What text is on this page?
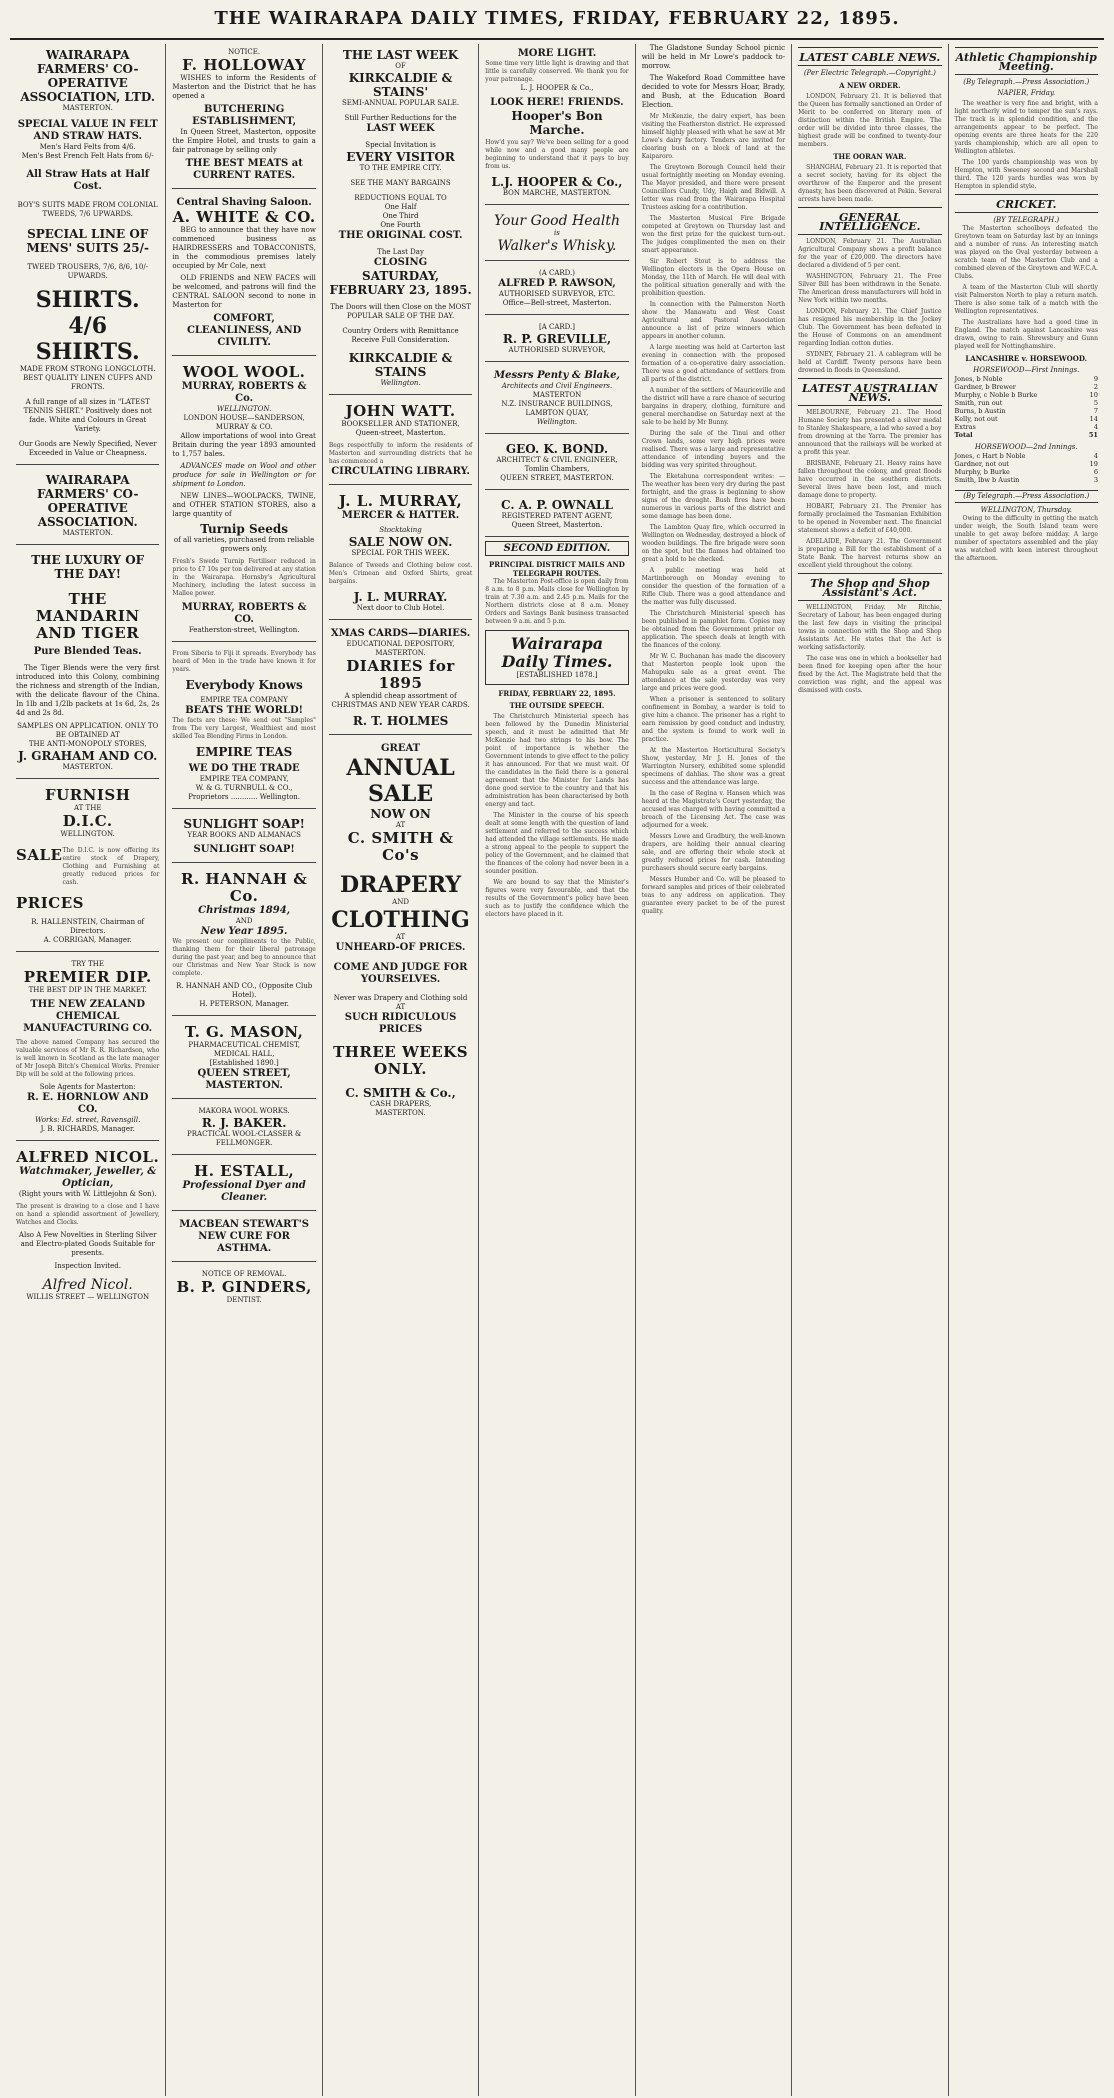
THE WAIRARAPA DAILY TIMES, FRIDAY, FEBRUARY 22, 1895.
WAIRARAPA FARMERS' CO-OPERATIVE ASSOCIATION, LTD.
MASTERTON.
SPECIAL VALUE IN FELT AND STRAW HATS.
Men's Hard Felts from 4/6.
Men's Best French Felt Hats from 6/-
All Straw Hats at Half Cost.
BOY'S SUITS MADE FROM COLONIAL TWEEDS, 7/6 UPWARDS.
SPECIAL LINE OF MENS' SUITS 25/-
TWEED TROUSERS, 7/6, 8/6, 10/- UPWARDS.
SHIRTS. 4/6 SHIRTS.
MADE FROM STRONG LONGCLOTH. BEST QUALITY LINEN CUFFS AND FRONTS.
A full range of all sizes in "LATEST TENNIS SHIRT." Positively does not fade. White and Colours in Great Variety.
Our Goods are Newly Specified, Never Exceeded in Value or Cheapness.
WAIRARAPA FARMERS' CO-OPERATIVE ASSOCIATION.
MASTERTON.
THE LUXURY OF THE DAY!
THE MANDARIN AND TIGER
Pure Blended Teas.

The Tiger Blends were the very first introduced into this Colony, combining the richness and strength of the Indian, with the delicate flavour of the China. In 1lb and 1/2lb packets at 1s 6d, 2s, 2s 4d and 2s 8d.

SAMPLES ON APPLICATION. ONLY TO BE OBTAINED AT
THE ANTI-MONOPOLY STORES,
J. GRAHAM AND CO.
MASTERTON.
FURNISH
AT THE
D.I.C.
WELLINGTON.
SALE The D.I.C. is now offering its entire stock of Drapery, Clothing and Furnishing at greatly reduced prices for cash.
PRICES
R. HALLENSTEIN, Chairman of Directors.
A. CORRIGAN, Manager.
TRY THE
PREMIER DIP.
THE BEST DIP IN THE MARKET.
THE NEW ZEALAND CHEMICAL MANUFACTURING CO.
The above named Company has secured the valuable services of Mr R. R. Richardson, who is well known in Scotland as the late manager of Mr Joseph Bitch's Chemical Works. Premier Dip will be sold at the following prices.
Sole Agents for Masterton:
R. E. HORNLOW AND CO.
Works: Ed. street, Ravensgill.
J. B. RICHARDS, Manager.
ALFRED NICOL.
Watchmaker, Jeweller, & Optician,
(Right yours with W. Littlejohn & Son).
The present is drawing to a close and I have on hand a splendid assortment of Jewellery, Watches and Clocks.
Also A Few Novelties in Sterling Silver and Electro-plated Goods Suitable for presents.
Inspection Invited.
Alfred Nicol.
WILLIS STREET — WELLINGTON
NOTICE.
F. HOLLOWAY

WISHES to inform the Residents of Masterton and the District that he has opened a

BUTCHERING ESTABLISHMENT,

In Queen Street, Masterton, opposite the Empire Hotel, and trusts to gain a fair patronage by selling only

THE BEST MEATS at CURRENT RATES.
Central Shaving Saloon.
A. WHITE & CO.

BEG to announce that they have now commenced business as HAIRDRESSERS and TOBACCONISTS, in the commodious premises lately occupied by Mr Cole, next

OLD FRIENDS and NEW FACES will be welcomed, and patrons will find the CENTRAL SALOON second to none in Masterton for

COMFORT, CLEANLINESS, AND CIVILITY.
WOOL WOOL.
MURRAY, ROBERTS & Co.
WELLINGTON.
LONDON HOUSE—SANDERSON, MURRAY & CO.

Allow importations of wool into Great Britain during the year 1893 amounted to 1,757 bales.

ADVANCES made on Wool and other produce for sale in Wellington or for shipment to London.

NEW LINES—WOOLPACKS, TWINE, and OTHER STATION STORES, also a large quantity of

Turnip Seeds
of all varieties, purchased from reliable growers only.
Fresh's Swede Turnip Fertiliser reduced in price to £7 10s per ton delivered at any station in the Wairarapa. Hornsby's Agricultural Machinery, including the latest success in Mallee power.
MURRAY, ROBERTS & CO.
Featherston-street, Wellington.
From Siberia to Fiji it spreads. Everybody has heard of Men in the trade have known it for years.
Everybody Knows
EMPIRE TEA COMPANY
BEATS THE WORLD!
The facts are these: We send out "Samples" from The very Largest, Wealthiest and most skilled Tea Blending Firms in London.
EMPIRE TEAS
WE DO THE TRADE
EMPIRE TEA COMPANY,
W. & G. TURNBULL & CO.,
Proprietors ............ Wellington.
SUNLIGHT SOAP!
YEAR BOOKS AND ALMANACS
SUNLIGHT SOAP!
R. HANNAH & Co.
Christmas 1894,
AND
New Year 1895.
We present our compliments to the Public, thanking them for their liberal patronage during the past year, and beg to announce that our Christmas and New Year Stock is now complete.
R. HANNAH AND CO., (Opposite Club Hotel).
H. PETERSON, Manager.
T. G. MASON,
PHARMACEUTICAL CHEMIST,
MEDICAL HALL,
[Established 1890.]
QUEEN STREET, MASTERTON.
MAKORA WOOL WORKS.
R. J. BAKER.
PRACTICAL WOOL-CLASSER & FELLMONGER.
H. ESTALL,
Professional Dyer and Cleaner.
MACBEAN STEWART'S NEW CURE FOR ASTHMA.
NOTICE OF REMOVAL.
B. P. GINDERS,
DENTIST.
THE LAST WEEK
OF
KIRKCALDIE & STAINS'
SEMI-ANNUAL POPULAR SALE.
Still Further Reductions for the
LAST WEEK
Special Invitation is
EVERY VISITOR
TO THE EMPIRE CITY.
SEE THE MANY BARGAINS
REDUCTIONS EQUAL TO
One Half
One Third
One Fourth
THE ORIGINAL COST.
The Last Day
CLOSING
SATURDAY, FEBRUARY 23, 1895.
The Doors will then Close on the MOST POPULAR SALE OF THE DAY.
Country Orders with Remittance Receive Full Consideration.
KIRKCALDIE & STAINS
Wellington.
JOHN WATT.
BOOKSELLER AND STATIONER,
Queen-street, Masterton.
Begs respectfully to inform the residents of Masterton and surrounding districts that he has commenced a
CIRCULATING LIBRARY.
J. L. MURRAY,
MERCER & HATTER.
Stocktaking
SALE NOW ON.
SPECIAL FOR THIS WEEK.
Balance of Tweeds and Clothing below cost. Men's Crimean and Oxford Shirts, great bargains.
J. L. MURRAY.
Next door to Club Hotel.
XMAS CARDS—DIARIES.
EDUCATIONAL DEPOSITORY, MASTERTON.
DIARIES for 1895
A splendid cheap assortment of CHRISTMAS AND NEW YEAR CARDS.
R. T. HOLMES
GREAT
ANNUAL SALE
NOW ON
AT
C. SMITH & Co's
DRAPERY
AND
CLOTHING
AT
UNHEARD-OF PRICES.
COME AND JUDGE FOR YOURSELVES.
Never was Drapery and Clothing sold
AT
SUCH RIDICULOUS PRICES
THREE WEEKS ONLY.
C. SMITH & Co.,
CASH DRAPERS,
MASTERTON.
MORE LIGHT.
Some time very little light is drawing and that little is carefully conserved. We thank you for your patronage.
L. J. HOOPER & Co.,
LOOK HERE! FRIENDS.
Hooper's Bon Marche.
How'd you say? We've been selling for a good while now and a good many people are beginning to understand that it pays to buy from us.
L.J. HOOPER & Co.,
BON MARCHE, MASTERTON.
Your Good Health
is
Walker's Whisky.
(A CARD.)
ALFRED P. RAWSON,
AUTHORISED SURVEYOR, ETC.
Office—Bell-street, Masterton.
[A CARD.]
R. P. GREVILLE,
AUTHORISED SURVEYOR,
Messrs Penty & Blake,
Architects and Civil Engineers.
MASTERTON
N.Z. INSURANCE BUILDINGS, LAMBTON QUAY,
Wellington.
GEO. K. BOND.
ARCHITECT & CIVIL ENGINEER,
Tomlin Chambers,
QUEEN STREET, MASTERTON.
C. A. P. OWNALL
REGISTERED PATENT AGENT,
Queen Street, Masterton.
SECOND EDITION.
PRINCIPAL DISTRICT MAILS AND TELEGRAPH ROUTES.

The Masterton Post-office is open daily from 8 a.m. to 8 p.m. Mails close for Wellington by train at 7.30 a.m. and 2.45 p.m. Mails for the Northern districts close at 8 a.m. Money Orders and Savings Bank business transacted between 9 a.m. and 5 p.m.

Wairarapa Daily Times.
[ESTABLISHED 1878.]
FRIDAY, FEBRUARY 22, 1895.
THE OUTSIDE SPEECH.

The Christchurch Ministerial speech has been followed by the Dunedin Ministerial speech, and it must be admitted that Mr McKenzie had two strings to his bow. The point of importance is whether the Government intends to give effect to the policy it has announced. For that we must wait. Of the candidates in the field there is a general agreement that the Minister for Lands has done good service to the country and that his administration has been characterised by both energy and tact.

The Minister in the course of his speech dealt at some length with the question of land settlement and referred to the success which had attended the village settlements. He made a strong appeal to the people to support the policy of the Government, and he claimed that the finances of the colony had never been in a sounder position.

We are bound to say that the Minister's figures were very favourable, and that the results of the Government's policy have been such as to justify the confidence which the electors have placed in it.

The Gladstone Sunday School picnic will be held in Mr Lowe's paddock to-morrow.

The Wakeford Road Committee have decided to vote for Messrs Hoar, Brady, and Bush, at the Education Board Election.

Mr McKenzie, the dairy expert, has been visiting the Featherston district. He expressed himself highly pleased with what he saw at Mr Lowe's dairy factory. Tenders are invited for clearing bush on a block of land at the Kaiparoro.

The Greytown Borough Council held their usual fortnightly meeting on Monday evening. The Mayor presided, and there were present Councillors Cundy, Udy, Haigh and Bidwill. A letter was read from the Wairarapa Hospital Trustees asking for a contribution.

The Masterton Musical Fire Brigade competed at Greytown on Thursday last and won the first prize for the quickest turn-out. The judges complimented the men on their smart appearance.

Sir Robert Stout is to address the Wellington electors in the Opera House on Monday, the 11th of March. He will deal with the political situation generally and with the prohibition question.

In connection with the Palmerston North show the Manawatu and West Coast Agricultural and Pastoral Association announce a list of prize winners which appears in another column.

A large meeting was held at Carterton last evening in connection with the proposed formation of a co-operative dairy association. There was a good attendance of settlers from all parts of the district.

A number of the settlers of Mauriceville and the district will have a rare chance of securing bargains in drapery, clothing, furniture and general merchandise on Saturday next at the sale to be held by Mr Bunny.

During the sale of the Tinui and other Crown lands, some very high prices were realised. There was a large and representative attendance of intending buyers and the bidding was very spirited throughout.

The Eketahuna correspondent writes: — The weather has been very dry during the past fortnight, and the grass is beginning to show signs of the drought. Bush fires have been numerous in various parts of the district and some damage has been done.

The Lambton Quay fire, which occurred in Wellington on Wednesday, destroyed a block of wooden buildings. The fire brigade were soon on the spot, but the flames had obtained too great a hold to be checked.

A public meeting was held at Martinborough on Monday evening to consider the question of the formation of a Rifle Club. There was a good attendance and the matter was fully discussed.

The Christchurch Ministerial speech has been published in pamphlet form. Copies may be obtained from the Government printer on application. The speech deals at length with the finances of the colony.

Mr W. C. Buchanan has made the discovery that Masterton people look upon the Mahupuku sale as a great event. The attendance at the sale yesterday was very large and prices were good.

When a prisoner is sentenced to solitary confinement in Bombay, a warder is told to give him a chance. The prisoner has a right to earn remission by good conduct and industry, and the system is found to work well in practice.

At the Masterton Horticultural Society's Show, yesterday, Mr J. H. Jones of the Warrington Nursery, exhibited some splendid specimens of dahlias. The show was a great success and the attendance was large.

In the case of Regina v. Hansen which was heard at the Magistrate's Court yesterday, the accused was charged with having committed a breach of the Licensing Act. The case was adjourned for a week.

Messrs Lowe and Gradbury, the well-known drapers, are holding their annual clearing sale, and are offering their whole stock at greatly reduced prices for cash. Intending purchasers should secure early bargains.

Messrs Humber and Co. will be pleased to forward samples and prices of their celebrated teas to any address on application. They guarantee every packet to be of the purest quality.

LATEST CABLE NEWS.
(Per Electric Telegraph.—Copyright.)
A NEW ORDER.

LONDON, February 21. It is believed that the Queen has formally sanctioned an Order of Merit to be conferred on literary men of distinction within the British Empire. The order will be divided into three classes, the highest grade will be confined to twenty-four members.

THE OORAN WAR.

SHANGHAI, February 21. It is reported that a secret society, having for its object the overthrow of the Emperor and the present dynasty, has been discovered at Pekin. Several arrests have been made.

GENERAL INTELLIGENCE.

LONDON, February 21. The Australian Agricultural Company shows a profit balance for the year of £20,000. The directors have declared a dividend of 5 per cent.

WASHINGTON, February 21. The Free Silver Bill has been withdrawn in the Senate. The American dress manufacturers will hold in New York within two months.

LONDON, February 21. The Chief Justice has resigned his membership in the Jockey Club. The Government has been defeated in the House of Commons on an amendment regarding Indian cotton duties.

SYDNEY, February 21. A cablegram will be held at Cardiff. Twenty persons have been drowned in floods in Queensland.

LATEST AUSTRALIAN NEWS.

MELBOURNE, February 21. The Hood Humane Society has presented a silver medal to Stanley Shakespeare, a lad who saved a boy from drowning at the Yarra. The premier has announced that the railways will be worked at a profit this year.

BRISBANE, February 21. Heavy rains have fallen throughout the colony, and great floods have occurred in the southern districts. Several lives have been lost, and much damage done to property.

HOBART, February 21. The Premier has formally proclaimed the Tasmanian Exhibition to be opened in November next. The financial statement shows a deficit of £40,000.

ADELAIDE, February 21. The Government is preparing a Bill for the establishment of a State Bank. The harvest returns show an excellent yield throughout the colony.

The Shop and Shop Assistant's Act.

WELLINGTON, Friday. Mr Ritchie, Secretary of Labour, has been engaged during the last few days in visiting the principal towns in connection with the Shop and Shop Assistants Act. He states that the Act is working satisfactorily.

The case was one in which a bookseller had been fined for keeping open after the hour fixed by the Act. The Magistrate held that the conviction was right, and the appeal was dismissed with costs.

Athletic Championship Meeting.
(By Telegraph.—Press Association.)
NAPIER, Friday.

The weather is very fine and bright, with a light northerly wind to temper the sun's rays. The track is in splendid condition, and the arrangements appear to be perfect. The opening events are three heats for the 220 yards championship, which are all open to Wellington athletes.

The 100 yards championship was won by Hempton, with Sweeney second and Marshall third. The 120 yards hurdles was won by Hempton in splendid style.

CRICKET.
(BY TELEGRAPH.)

The Masterton schoolboys defeated the Greytown team on Saturday last by an innings and a number of runs. An interesting match was played on the Oval yesterday between a scratch team of the Masterton Club and a combined eleven of the Greytown and W.F.C.A. Clubs.

A team of the Masterton Club will shortly visit Palmerston North to play a return match. There is also some talk of a match with the Wellington representatives.

The Australians have had a good time in England. The match against Lancashire was drawn, owing to rain. Shrewsbury and Gunn played well for Nottinghamshire.

LANCASHIRE v. HORSEWOOD.
HORSEWOOD—First Innings.
Jones, b Noble	9
Gardner, b Brewer	2
Murphy, c Noble b Burke	10
Smith, run out	5
Burns, b Austin	7
Kelly, not out	14
Extras	4
Total	51
HORSEWOOD—2nd Innings.
Jones, c Hart b Noble	4
Gardner, not out	19
Murphy, b Burke	6
Smith, lbw b Austin	3
(By Telegraph.—Press Association.)
WELLINGTON, Thursday.

Owing to the difficulty in getting the match under weigh, the South Island team were unable to get away before midday. A large number of spectators assembled and the play was watched with keen interest throughout the afternoon.
